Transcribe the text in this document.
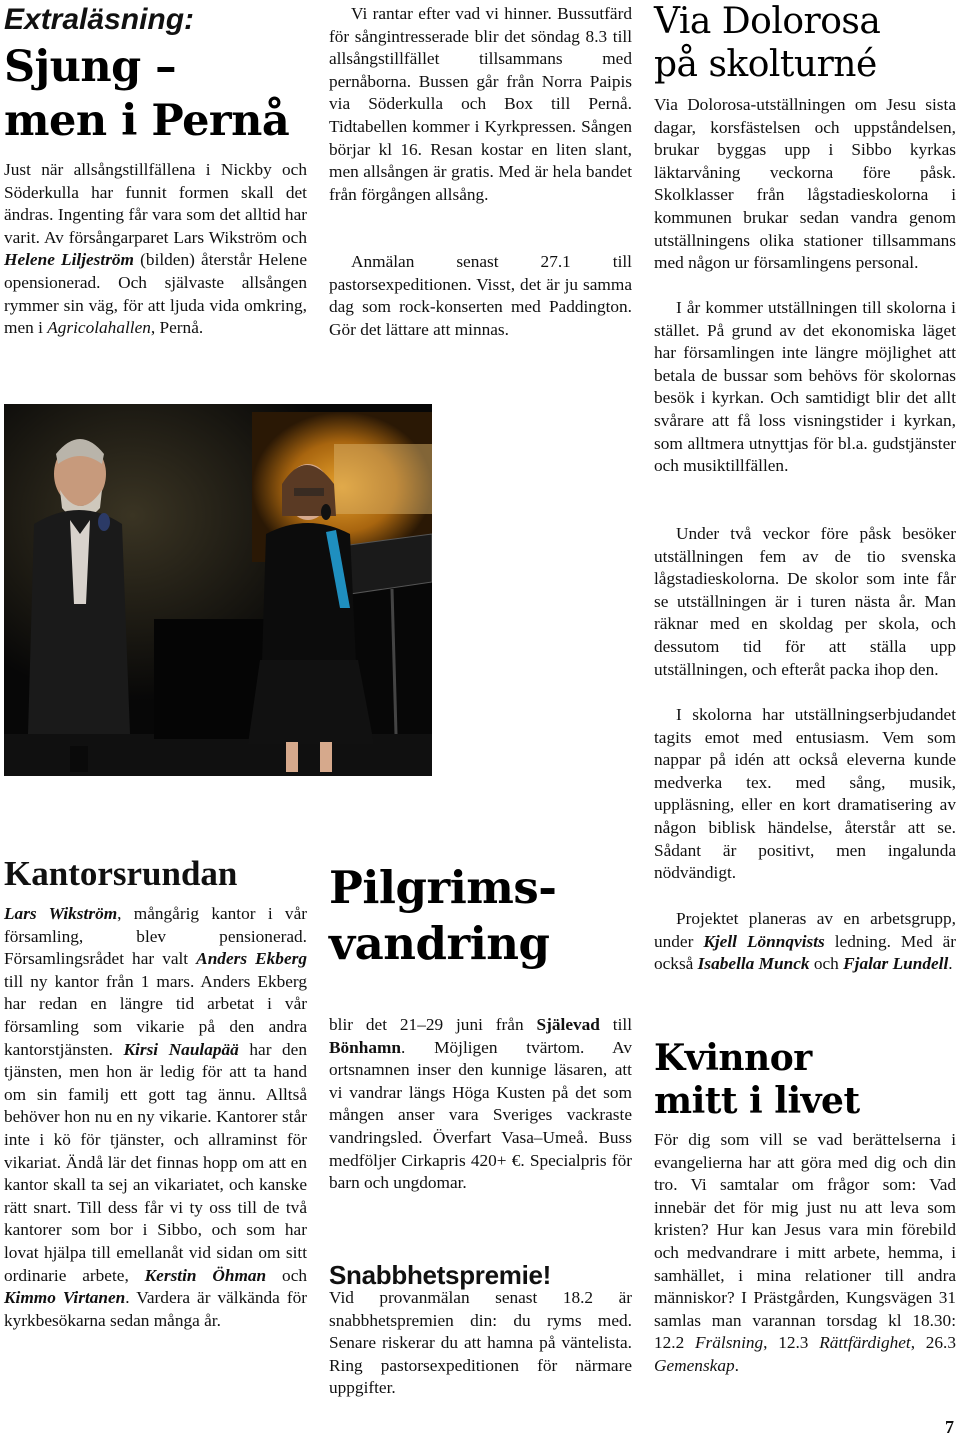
Extraläsning:
Sjung –
men i Pernå

Just när allsångstillfällena i Nickby och Söderkulla har funnit formen skall det ändras. Ingenting får vara som det alltid har varit. Av försångarparet Lars Wikström och Helene Liljeström (bilden) återstår Helene opensionerad. Och självaste allsången rymmer sin väg, för att ljuda vida omkring, men i Agricolahallen, Pernå.

Kantorsrundan

Lars Wikström, mångårig kantor i vår församling, blev pensionerad. Församlingsrådet har valt Anders Ekberg till ny kantor från 1 mars. Anders Ekberg har redan en längre tid arbetat i vår församling som vikarie på den andra kantorstjänsten. Kirsi Naulapää har den tjänsten, men hon är ledig för att ta hand om sin familj ett gott tag ännu. Alltså behöver hon nu en ny vikarie. Kantorer står inte i kö för tjänster, och allraminst för vikariat. Ändå lär det finnas hopp om att en kantor skall ta sej an vikariatet, och kanske rätt snart. Till dess får vi ty oss till de två kantorer som bor i Sibbo, och som har lovat hjälpa till emellanåt vid sidan om sitt ordinarie arbete, Kerstin Öhman och Kimmo Virtanen. Vardera är välkända för kyrkbesökarna sedan många år.

Vi rantar efter vad vi hinner. Bussutfärd för sångintresserade blir det söndag 8.3 till allsångstillfället tillsammans med pernåborna. Bussen går från Norra Paipis via Söderkulla och Box till Pernå. Tidtabellen kommer i Kyrkpressen. Sången börjar kl 16. Resan kostar en liten slant, men allsången är gratis. Med är hela bandet från förgången allsång.

Anmälan senast 27.1 till pastorsexpeditionen. Visst, det är ju samma dag som rock-konserten med Paddington. Gör det lättare att minnas.

Pilgrims-
vandring

blir det 21–29 juni från Själevad till Bönhamn. Möjligen tvärtom. Av ortsnamnen inser den kunnige läsaren, att vi vandrar längs Höga Kusten på det som mången anser vara Sveriges vackraste vandringsled. Överfart Vasa–Umeå. Buss medföljer Cirkapris 420+ €. Specialpris för barn och ungdomar.

Snabbhetspremie!

Vid provanmälan senast 18.2 är snabbhetspremien din: du ryms med. Senare riskerar du att hamna på väntelista. Ring pastorsexpeditionen för närmare uppgifter.

Via Dolorosa
på skolturné

Via Dolorosa-utställningen om Jesu sista dagar, korsfästelsen och uppståndelsen, brukar byggas upp i Sibbo kyrkas läktarvåning veckorna före påsk. Skolklasser från lågstadieskolorna i kommunen brukar sedan vandra genom utställningens olika stationer tillsammans med någon ur församlingens personal.

I år kommer utställningen till skolorna i stället. På grund av det ekonomiska läget har församlingen inte längre möjlighet att betala de bussar som behövs för skolornas besök i kyrkan. Och samtidigt blir det allt svårare att få loss visningstider i kyrkan, som alltmera utnyttjas för bl.a. gudstjänster och musiktillfällen.

Under två veckor före påsk besöker utställningen fem av de tio svenska lågstadieskolorna. De skolor som inte får se utställningen är i turen nästa år. Man räknar med en skoldag per skola, och dessutom tid för att ställa upp utställningen, och efteråt packa ihop den.

I skolorna har utställningserbjudandet tagits emot med entusiasm. Vem som nappar på idén att också eleverna kunde medverka tex. med sång, musik, uppläsning, eller en kort dramatisering av någon biblisk händelse, återstår att se. Sådant är positivt, men ingalunda nödvändigt.

Projektet planeras av en arbetsgrupp, under Kjell Lönnqvists ledning. Med är också Isabella Munck och Fjalar Lundell.

Kvinnor
mitt i livet

För dig som vill se vad berättelserna i evangelierna har att göra med dig och din tro. Vi samtalar om frågor som: Vad innebär det för mig just nu att leva som kristen? Hur kan Jesus vara min förebild och medvandrare i mitt arbete, hemma, i samhället, i mina relationer till andra människor? I Prästgården, Kungsvägen 31 samlas man varannan torsdag kl 18.30: 12.2 Frälsning, 12.3 Rättfärdighet, 26.3 Gemenskap.

7
